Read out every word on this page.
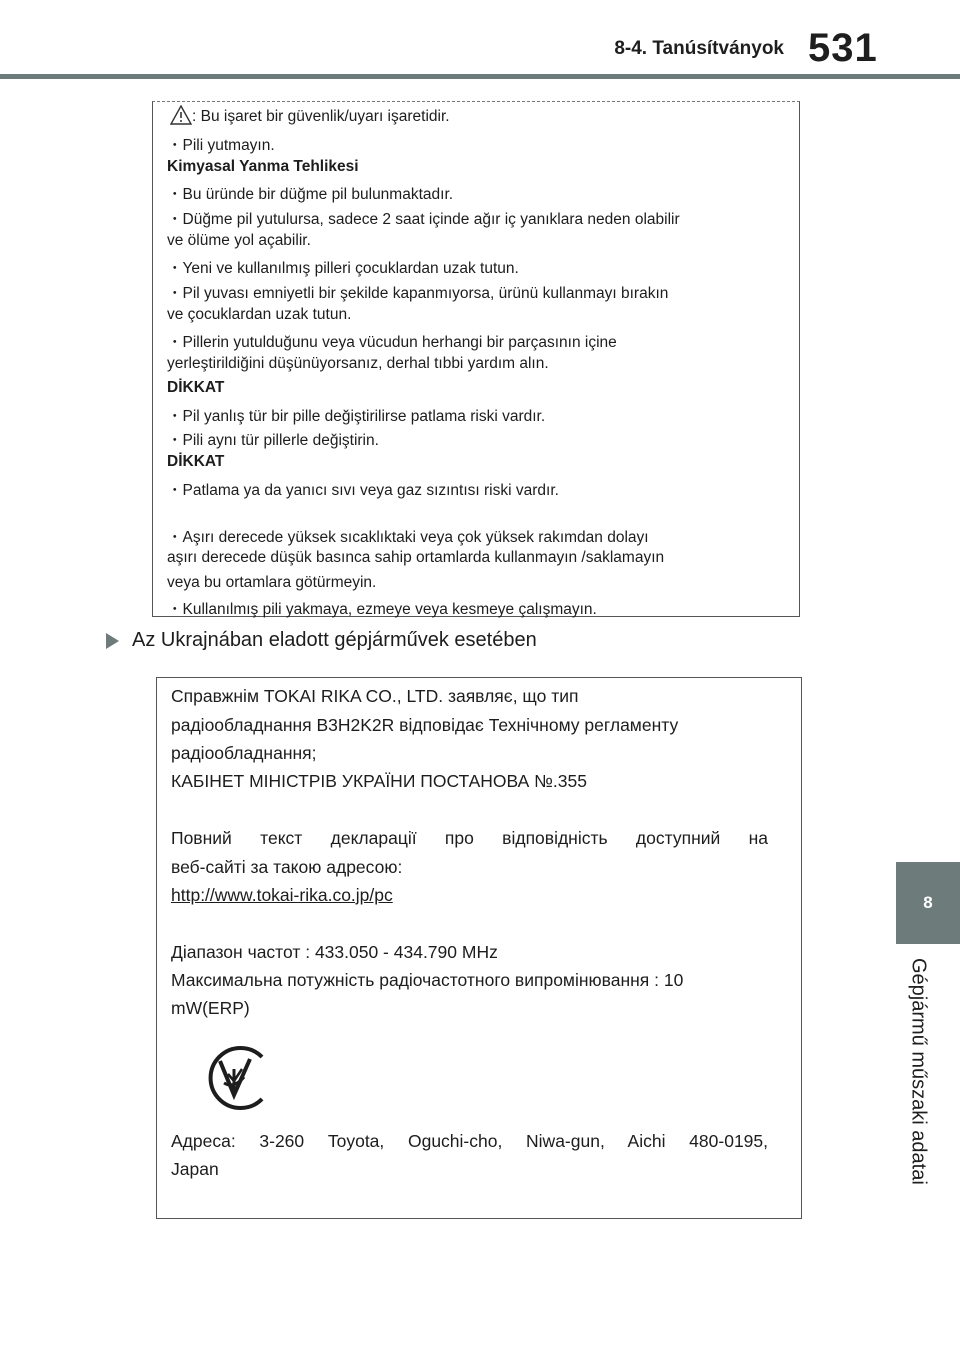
8-4. Tanúsítványok 531
8
Gépjármű műszaki adatai

: Bu işaret bir güvenlik/uyarı işaretidir.

・Pili yutmayın.

Kimyasal Yanma Tehlikesi

・Bu üründe bir düğme pil bulunmaktadır.

・Düğme pil yutulursa, sadece 2 saat içinde ağır iç yanıklara neden olabilir

ve ölüme yol açabilir.

・Yeni ve kullanılmış pilleri çocuklardan uzak tutun.

・Pil yuvası emniyetli bir şekilde kapanmıyorsa, ürünü kullanmayı bırakın

ve çocuklardan uzak tutun.

・Pillerin yutulduğunu veya vücudun herhangi bir parçasının içine

yerleştirildiğini düşünüyorsanız, derhal tıbbi yardım alın.

DİKKAT

・Pil yanlış tür bir pille değiştirilirse patlama riski vardır.

・Pili aynı tür pillerle değiştirin.

DİKKAT

・Patlama ya da yanıcı sıvı veya gaz sızıntısı riski vardır.

・Aşırı derecede yüksek sıcaklıktaki veya çok yüksek rakımdan dolayı

aşırı derecede düşük basınca sahip ortamlarda kullanmayın /saklamayın

veya bu ortamlara götürmeyin.

・Kullanılmış pili yakmaya, ezmeye veya kesmeye çalışmayın.

Az Ukrajnában eladott gépjárművek esetében

Справжнім TOKAI RIKA CO., LTD. заявляє, що тип

радіообладнання B3H2K2R відповідає Технічному регламенту

радіообладнання;

КАБІНЕТ МІНІСТРІВ УКРАЇНИ ПОСТАНОВА №.355

Повний текст декларації про відповідність доступний на

веб-сайті за такою адресою:

http://www.tokai-rika.co.jp/pc

Діапазон частот : 433.050 - 434.790 MHz

Максимальна потужність радіочастотного випромінювання : 10

mW(ERP)

Адреса: 3-260 Toyota, Oguchi-cho, Niwa-gun, Aichi 480-0195,

Japan
